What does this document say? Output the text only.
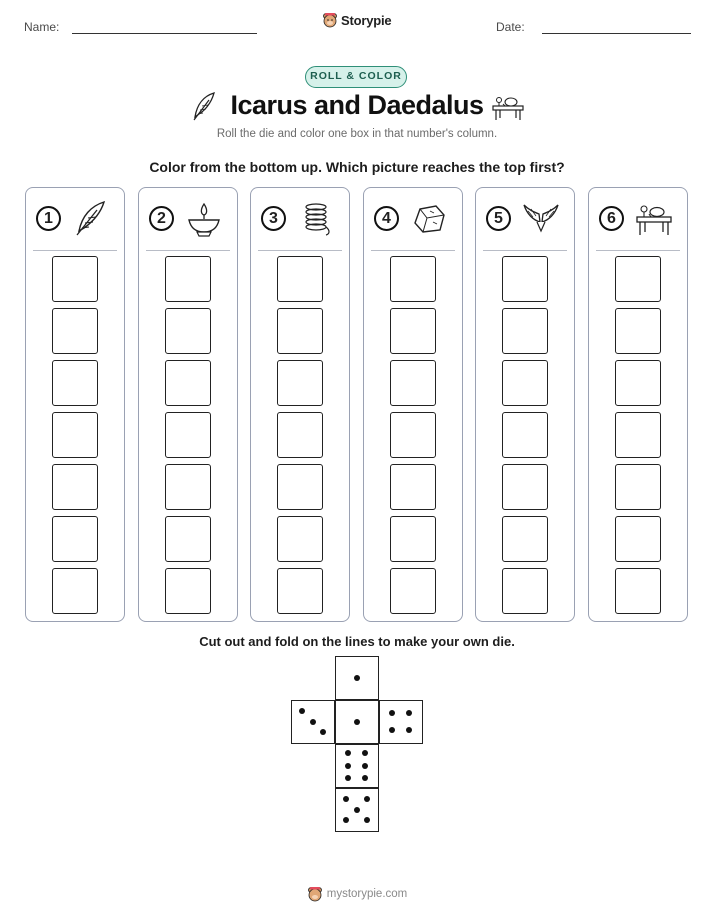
Name:	Date:
Storypie
ROLL & COLOR
Icarus and Daedalus
Roll the die and color one box in that number's column.
Color from the bottom up. Which picture reaches the top first?
1	2	3	4	5	6
Cut out and fold on the lines to make your own die.
mystorypie.com
